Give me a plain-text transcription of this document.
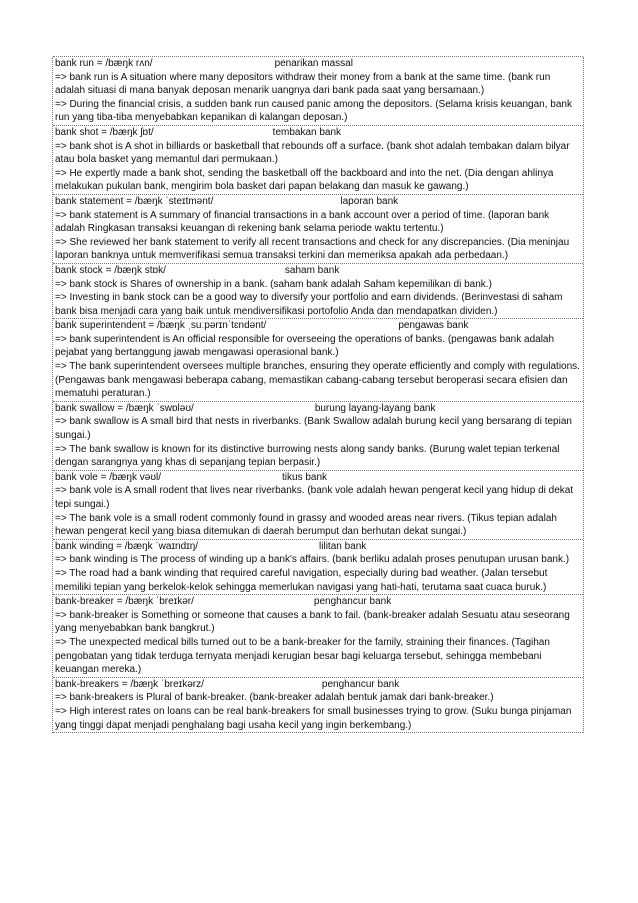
bank run = /bæŋk rʌn/	penarikan massal

=> bank run is A situation where many depositors withdraw their money from a bank at the same time. (bank run adalah situasi di mana banyak deposan menarik uangnya dari bank pada saat yang bersamaan.)

=> During the financial crisis, a sudden bank run caused panic among the depositors. (Selama krisis keuangan, bank run yang tiba-tiba menyebabkan kepanikan di kalangan deposan.)

bank shot = /bæŋk ʃɒt/	tembakan bank

=> bank shot is A shot in billiards or basketball that rebounds off a surface. (bank shot adalah tembakan dalam bilyar atau bola basket yang memantul dari permukaan.)

=> He expertly made a bank shot, sending the basketball off the backboard and into the net. (Dia dengan ahlinya melakukan pukulan bank, mengirim bola basket dari papan belakang dan masuk ke gawang.)

bank statement = /bæŋk ˈsteɪtmənt/	laporan bank

=> bank statement is A summary of financial transactions in a bank account over a period of time. (laporan bank adalah Ringkasan transaksi keuangan di rekening bank selama periode waktu tertentu.)

=> She reviewed her bank statement to verify all recent transactions and check for any discrepancies. (Dia meninjau laporan banknya untuk memverifikasi semua transaksi terkini dan memeriksa apakah ada perbedaan.)

bank stock = /bæŋk stɒk/	saham bank

=> bank stock is Shares of ownership in a bank. (saham bank adalah Saham kepemilikan di bank.)

=> Investing in bank stock can be a good way to diversify your portfolio and earn dividends. (Berinvestasi di saham bank bisa menjadi cara yang baik untuk mendiversifikasi portofolio Anda dan mendapatkan dividen.)

bank superintendent = /bæŋk ˌsuːpərɪnˈtɛndənt/	pengawas bank

=> bank superintendent is An official responsible for overseeing the operations of banks. (pengawas bank adalah pejabat yang bertanggung jawab mengawasi operasional bank.)

=> The bank superintendent oversees multiple branches, ensuring they operate efficiently and comply with regulations. (Pengawas bank mengawasi beberapa cabang, memastikan cabang-cabang tersebut beroperasi secara efisien dan mematuhi peraturan.)

bank swallow = /bæŋk ˈswɒləʊ/	burung layang-layang bank

=> bank swallow is A small bird that nests in riverbanks. (Bank Swallow adalah burung kecil yang bersarang di tepian sungai.)

=> The bank swallow is known for its distinctive burrowing nests along sandy banks. (Burung walet tepian terkenal dengan sarangnya yang khas di sepanjang tepian berpasir.)

bank vole = /bæŋk vəʊl/	tikus bank

=> bank vole is A small rodent that lives near riverbanks. (bank vole adalah hewan pengerat kecil yang hidup di dekat tepi sungai.)

=> The bank vole is a small rodent commonly found in grassy and wooded areas near rivers. (Tikus tepian adalah hewan pengerat kecil yang biasa ditemukan di daerah berumput dan berhutan dekat sungai.)

bank winding = /bæŋk ˈwaɪndɪŋ/	lilitan bank

=> bank winding is The process of winding up a bank's affairs. (bank berliku adalah proses penutupan urusan bank.)

=> The road had a bank winding that required careful navigation, especially during bad weather. (Jalan tersebut memiliki tepian yang berkelok-kelok sehingga memerlukan navigasi yang hati-hati, terutama saat cuaca buruk.)

bank-breaker = /bæŋk ˈbreɪkər/	penghancur bank

=> bank-breaker is Something or someone that causes a bank to fail. (bank-breaker adalah Sesuatu atau seseorang yang menyebabkan bank bangkrut.)

=> The unexpected medical bills turned out to be a bank-breaker for the family, straining their finances. (Tagihan pengobatan yang tidak terduga ternyata menjadi kerugian besar bagi keluarga tersebut, sehingga membebani keuangan mereka.)

bank-breakers = /bæŋk ˈbreɪkərz/	penghancur bank

=> bank-breakers is Plural of bank-breaker. (bank-breaker adalah bentuk jamak dari bank-breaker.)

=> High interest rates on loans can be real bank-breakers for small businesses trying to grow. (Suku bunga pinjaman yang tinggi dapat menjadi penghalang bagi usaha kecil yang ingin berkembang.)
